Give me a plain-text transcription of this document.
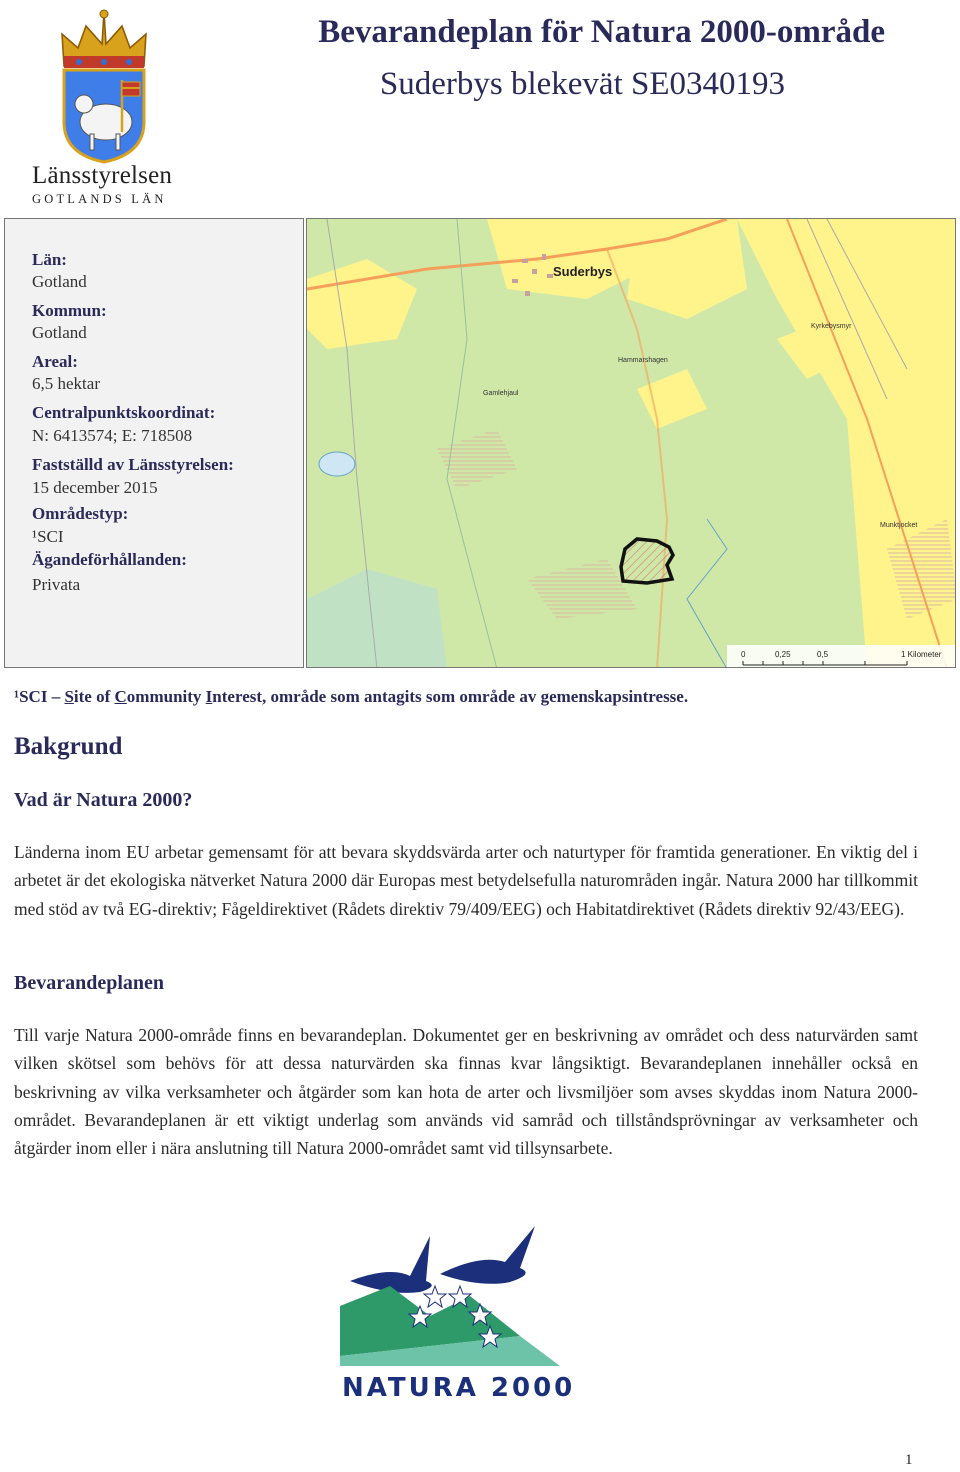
Länsstyrelsen
GOTLANDS LÄN
Bevarandeplan för Natura 2000-område
Suderbys blekevät SE0340193
Län:
Gotland
Kommun:
Gotland
Areal:
6,5 hektar
Centralpunktskoordinat:
N: 6413574; E: 718508
Fastställd av Länsstyrelsen:
15 december 2015
Områdestyp:
¹SCI
Ägandeförhållanden:
Privata
Suderbys
Hammarshagen
Gamlehjaul
Kyrkebysmyr
Munktjocket
0	0,25	0,5	1 Kilometer
¹SCI – Site of Community Interest, område som antagits som område av gemenskapsintresse.
Bakgrund
Vad är Natura 2000?
Länderna inom EU arbetar gemensamt för att bevara skyddsvärda arter och naturtyper för framtida generationer. En viktig del i arbetet är det ekologiska nätverket Natura 2000 där Europas mest betydelsefulla naturområden ingår. Natura 2000 har tillkommit med stöd av två EG-direktiv; Fågeldirektivet (Rådets direktiv 79/409/EEG) och Habitatdirektivet (Rådets direktiv 92/43/EEG).
Bevarandeplanen
Till varje Natura 2000-område finns en bevarandeplan. Dokumentet ger en beskrivning av området och dess naturvärden samt vilken skötsel som behövs för att dessa naturvärden ska finnas kvar långsiktigt. Bevarandeplanen innehåller också en beskrivning av vilka verksamheter och åtgärder som kan hota de arter och livsmiljöer som avses skyddas inom Natura 2000-området. Bevarandeplanen är ett viktigt underlag som används vid samråd och tillståndsprövningar av verksamheter och åtgärder inom eller i nära anslutning till Natura 2000-området samt vid tillsynsarbete.
NATURA 2000
1
